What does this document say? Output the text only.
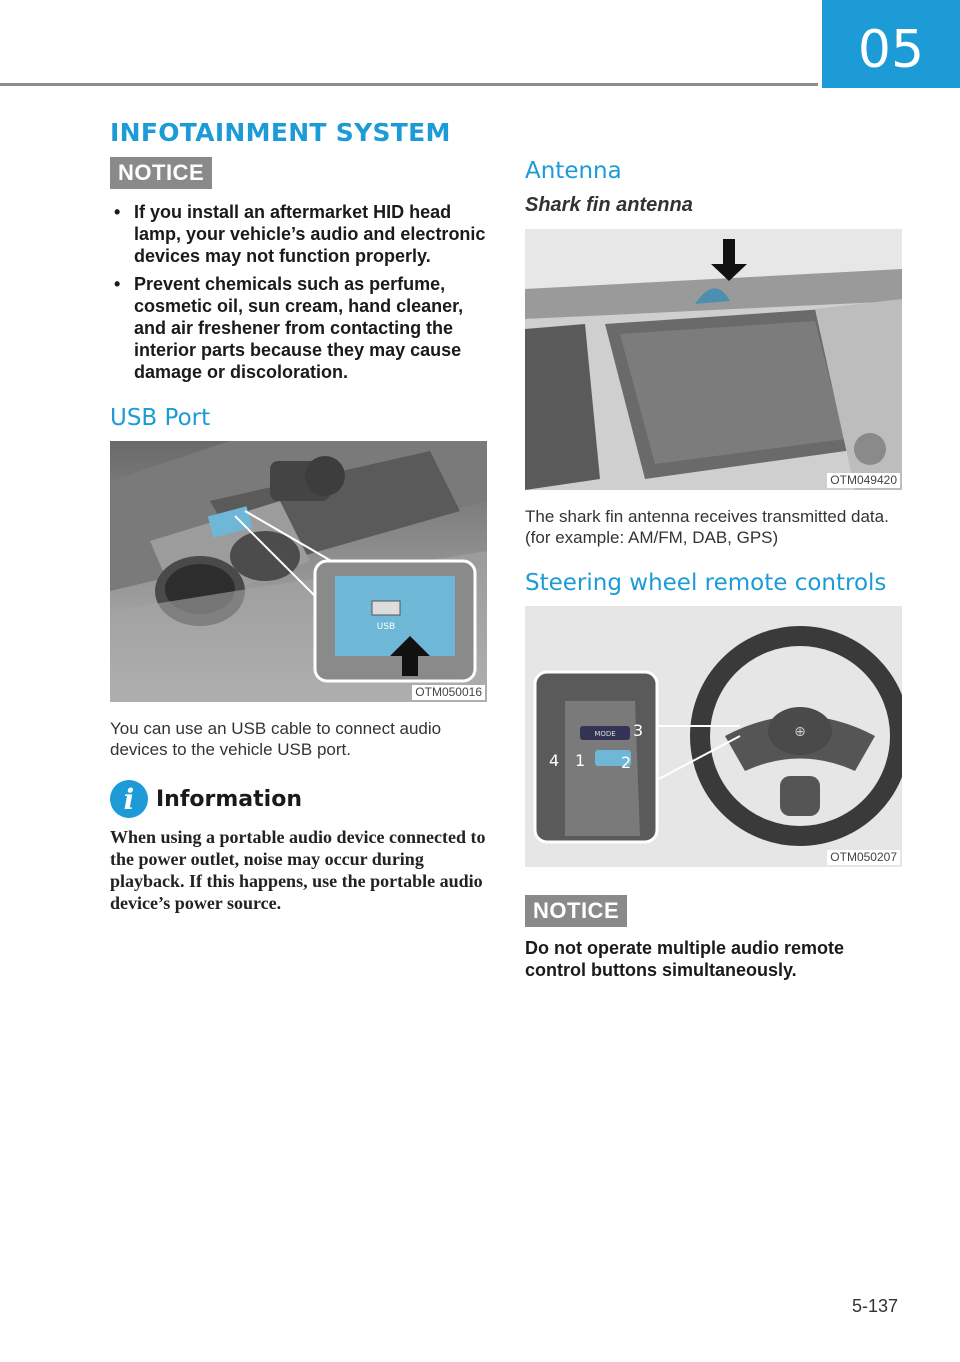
05
INFOTAINMENT SYSTEM
NOTICE
• If you install an aftermarket HID head lamp, your vehicle’s audio and electronic devices may not function properly.
• Prevent chemicals such as perfume, cosmetic oil, sun cream, hand cleaner, and air freshener from contacting the interior parts because they may cause damage or discoloration.
USB Port
USB
OTM050016

You can use an USB cable to connect audio devices to the vehicle USB port.

i Information
When using a portable audio device connected to the power outlet, noise may occur during playback. If this happens, use the portable audio device’s power source.
Antenna
Shark fin antenna
OTM049420

The shark fin antenna receives transmitted data. (for example: AM/FM, DAB, GPS)

Steering wheel remote controls
⊕
MODE
1 2
3
4
OTM050207
NOTICE
Do not operate multiple audio remote control buttons simultaneously.
5-137
